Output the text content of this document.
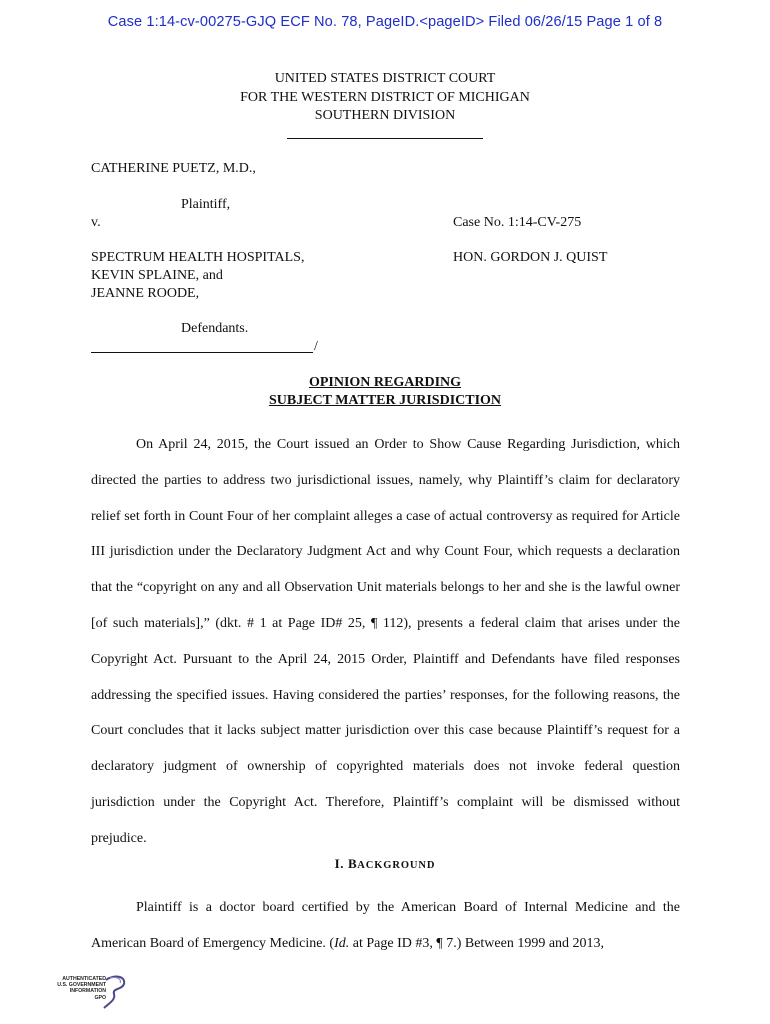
Case 1:14-cv-00275-GJQ ECF No. 78, PageID.<pageID> Filed 06/26/15 Page 1 of 8
UNITED STATES DISTRICT COURT
FOR THE WESTERN DISTRICT OF MICHIGAN
SOUTHERN DIVISION
CATHERINE PUETZ, M.D.,
Plaintiff,
v.	Case No. 1:14-CV-275
SPECTRUM HEALTH HOSPITALS,	HON. GORDON J. QUIST
KEVIN SPLAINE, and
JEANNE ROODE,
Defendants.
/
OPINION REGARDING
SUBJECT MATTER JURISDICTION

On April 24, 2015, the Court issued an Order to Show Cause Regarding Jurisdiction, which directed the parties to address two jurisdictional issues, namely, why Plaintiff’s claim for declaratory relief set forth in Count Four of her complaint alleges a case of actual controversy as required for Article III jurisdiction under the Declaratory Judgment Act and why Count Four, which requests a declaration that the “copyright on any and all Observation Unit materials belongs to her and she is the lawful owner [of such materials],” (dkt. # 1 at Page ID# 25, ¶ 112), presents a federal claim that arises under the Copyright Act. Pursuant to the April 24, 2015 Order, Plaintiff and Defendants have filed responses addressing the specified issues. Having considered the parties’ responses, for the following reasons, the Court concludes that it lacks subject matter jurisdiction over this case because Plaintiff’s request for a declaratory judgment of ownership of copyrighted materials does not invoke federal question jurisdiction under the Copyright Act. Therefore, Plaintiff’s complaint will be dismissed without prejudice.

I. BACKGROUND

Plaintiff is a doctor board certified by the American Board of Internal Medicine and the American Board of Emergency Medicine. (Id. at Page ID #3, ¶ 7.) Between 1999 and 2013,

AUTHENTICATED
U.S. GOVERNMENT
INFORMATION
GPO
